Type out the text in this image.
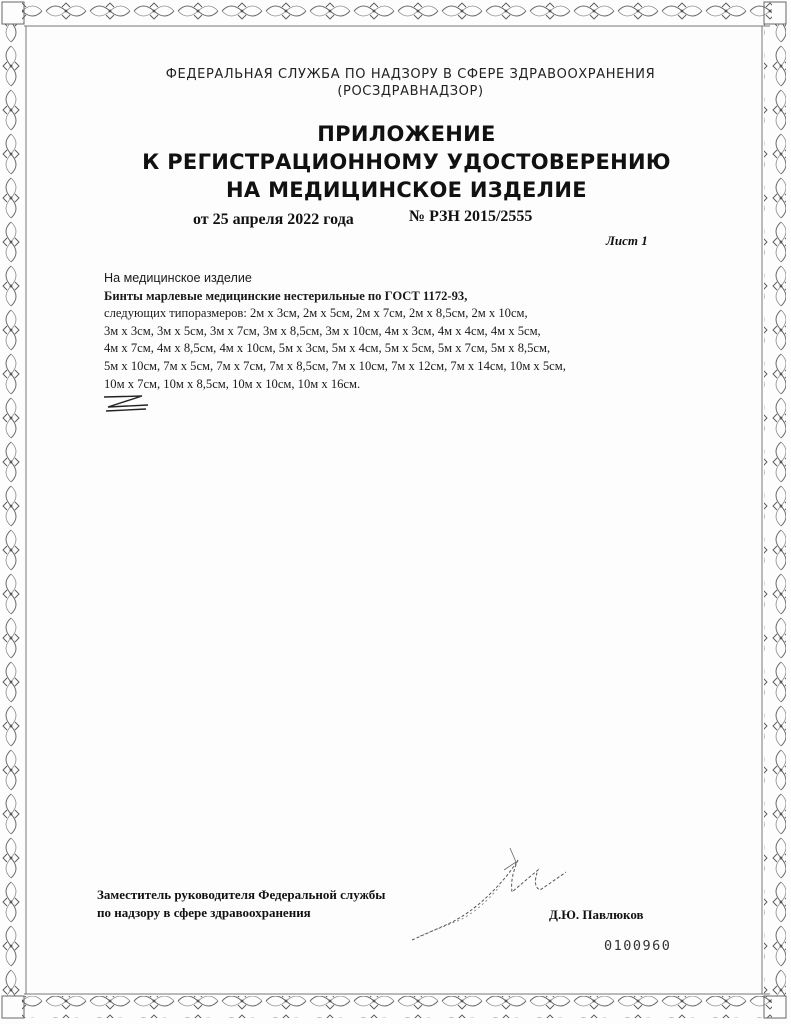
ФЕДЕРАЛЬНАЯ СЛУЖБА ПО НАДЗОРУ В СФЕРЕ ЗДРАВООХРАНЕНИЯ
(РОСЗДРАВНАДЗОР)
ПРИЛОЖЕНИЕ
К РЕГИСТРАЦИОННОМУ УДОСТОВЕРЕНИЮ
НА МЕДИЦИНСКОЕ ИЗДЕЛИЕ
от 25 апреля 2022 года	№ РЗН 2015/2555
Лист 1
На медицинское изделие
Бинты марлевые медицинские нестерильные по ГОСТ 1172-93,
следующих типоразмеров: 2м х 3см, 2м х 5см, 2м х 7см, 2м х 8,5см, 2м х 10см,
3м х 3см, 3м х 5см, 3м х 7см, 3м х 8,5см, 3м х 10см, 4м х 3см, 4м х 4см, 4м х 5см,
4м х 7см, 4м х 8,5см, 4м х 10см, 5м х 3см, 5м х 4см, 5м х 5см, 5м х 7см, 5м х 8,5см,
5м х 10см, 7м х 5см, 7м х 7см, 7м х 8,5см, 7м х 10см, 7м х 12см, 7м х 14см, 10м х 5см,
10м х 7см, 10м х 8,5см, 10м х 10см, 10м х 16см.
Заместитель руководителя Федеральной службы
по надзору в сфере здравоохранения	Д.Ю. Павлюков
0100960
